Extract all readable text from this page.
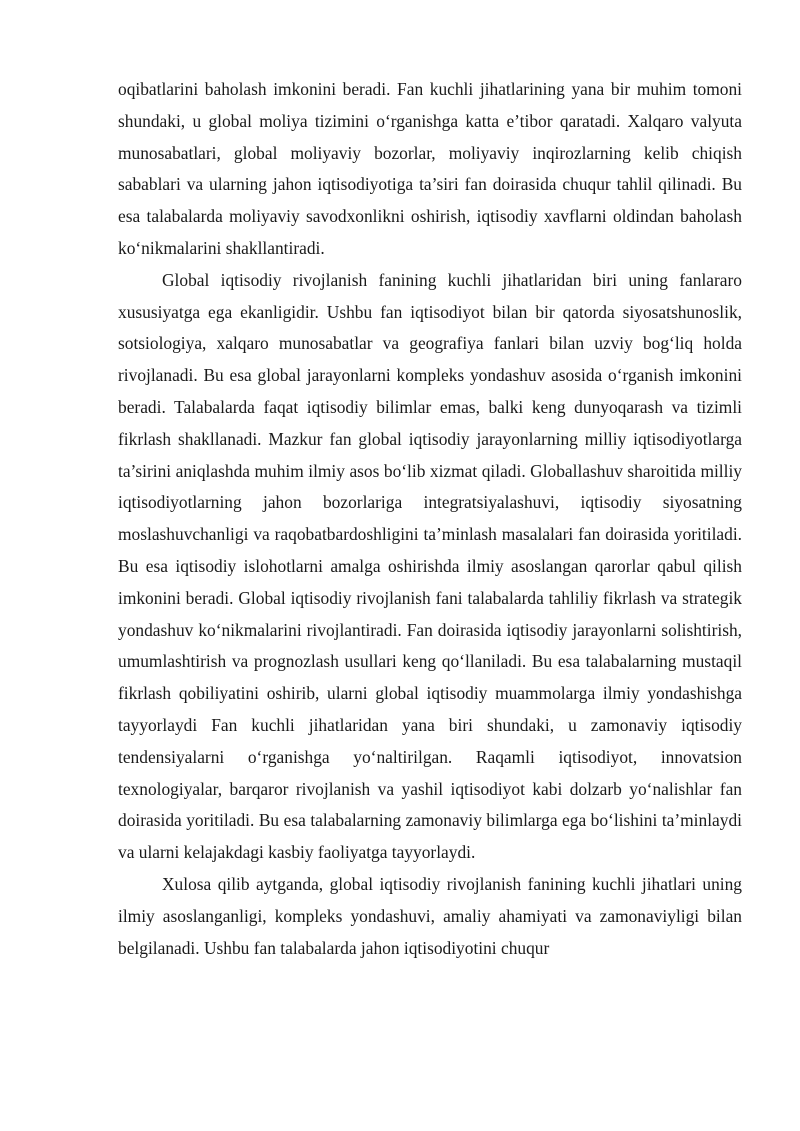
oqibatlarini baholash imkonini beradi. Fan kuchli jihatlarining yana bir muhim tomoni shundaki, u global moliya tizimini o‘rganishga katta e’tibor qaratadi. Xalqaro valyuta munosabatlari, global moliyaviy bozorlar, moliyaviy inqirozlarning kelib chiqish sabablari va ularning jahon iqtisodiyotiga ta’siri fan doirasida chuqur tahlil qilinadi. Bu esa talabalarda moliyaviy savodxonlikni oshirish, iqtisodiy xavflarni oldindan baholash ko‘nikmalarini shakllantiradi.

Global iqtisodiy rivojlanish fanining kuchli jihatlaridan biri uning fanlararo xususiyatga ega ekanligidir. Ushbu fan iqtisodiyot bilan bir qatorda siyosatshunoslik, sotsiologiya, xalqaro munosabatlar va geografiya fanlari bilan uzviy bog‘liq holda rivojlanadi. Bu esa global jarayonlarni kompleks yondashuv asosida o‘rganish imkonini beradi. Talabalarda faqat iqtisodiy bilimlar emas, balki keng dunyoqarash va tizimli fikrlash shakllanadi. Mazkur fan global iqtisodiy jarayonlarning milliy iqtisodiyotlarga ta’sirini aniqlashda muhim ilmiy asos bo‘lib xizmat qiladi. Globallashuv sharoitida milliy iqtisodiyotlarning jahon bozorlariga integratsiyalashuvi, iqtisodiy siyosatning moslashuvchanligi va raqobatbardoshligini ta’minlash masalalari fan doirasida yoritiladi. Bu esa iqtisodiy islohotlarni amalga oshirishda ilmiy asoslangan qarorlar qabul qilish imkonini beradi. Global iqtisodiy rivojlanish fani talabalarda tahliliy fikrlash va strategik yondashuv ko‘nikmalarini rivojlantiradi. Fan doirasida iqtisodiy jarayonlarni solishtirish, umumlashtirish va prognozlash usullari keng qo‘llaniladi. Bu esa talabalarning mustaqil fikrlash qobiliyatini oshirib, ularni global iqtisodiy muammolarga ilmiy yondashishga tayyorlaydi Fan kuchli jihatlaridan yana biri shundaki, u zamonaviy iqtisodiy tendensiyalarni o‘rganishga yo‘naltirilgan. Raqamli iqtisodiyot, innovatsion texnologiyalar, barqaror rivojlanish va yashil iqtisodiyot kabi dolzarb yo‘nalishlar fan doirasida yoritiladi. Bu esa talabalarning zamonaviy bilimlarga ega bo‘lishini ta’minlaydi va ularni kelajakdagi kasbiy faoliyatga tayyorlaydi.

Xulosa qilib aytganda, global iqtisodiy rivojlanish fanining kuchli jihatlari uning ilmiy asoslanganligi, kompleks yondashuvi, amaliy ahamiyati va zamonaviyligi bilan belgilanadi. Ushbu fan talabalarda jahon iqtisodiyotini chuqur
